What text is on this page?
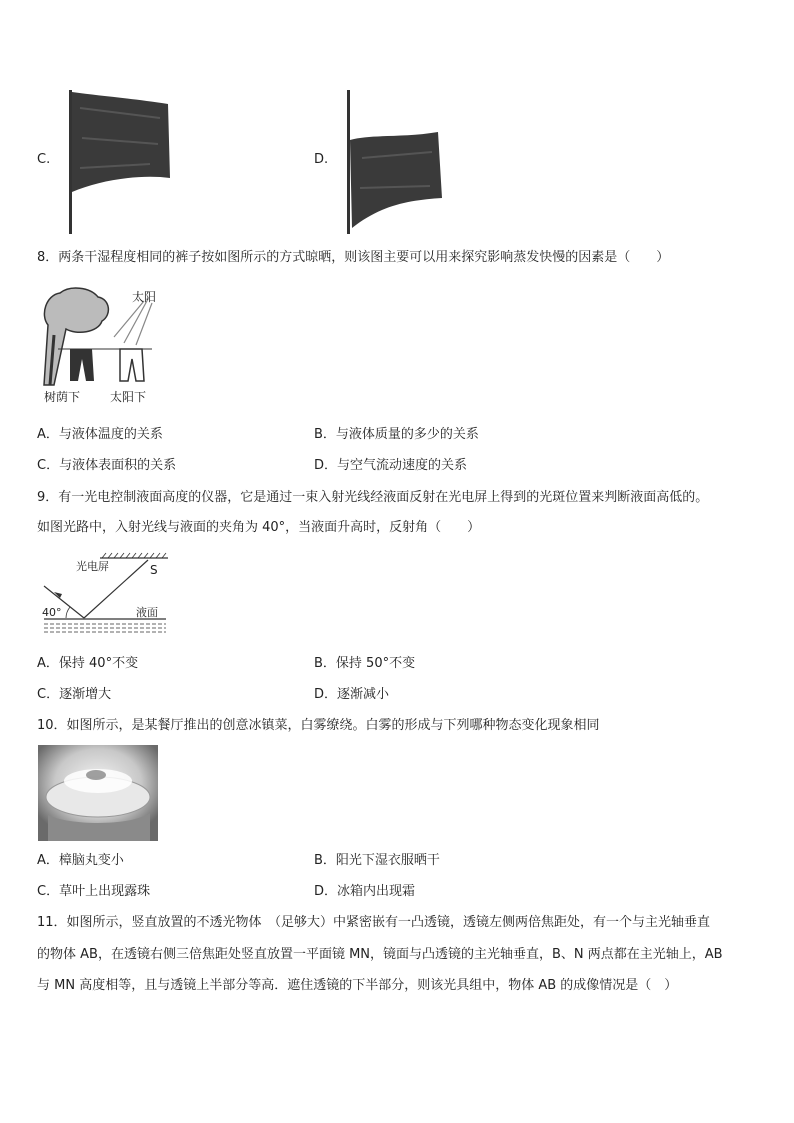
C.	D.
8．两条干湿程度相同的裤子按如图所示的方式晾晒，则该图主要可以用来探究影响蒸发快慢的因素是（　　）
太阳
树荫下 太阳下
A．与液体温度的关系	B．与液体质量的多少的关系
C．与液体表面积的关系	D．与空气流动速度的关系
9．有一光电控制液面高度的仪器，它是通过一束入射光线经液面反射在光电屏上得到的光斑位置来判断液面高低的。
如图光路中，入射光线与液面的夹角为 40°，当液面升高时，反射角（　　）
光电屏	S
40°	液面
A．保持 40°不变	B．保持 50°不变
C．逐渐增大	D．逐渐减小
10．如图所示，是某餐厅推出的创意冰镇菜，白雾缭绕。白雾的形成与下列哪种物态变化现象相同
A．樟脑丸变小	B．阳光下湿衣服晒干
C．草叶上出现露珠	D．冰箱内出现霜
11．如图所示，竖直放置的不透光物体　（足够大）中紧密嵌有一凸透镜，透镜左侧两倍焦距处，有一个与主光轴垂直
的物体 AB，在透镜右侧三倍焦距处竖直放置一平面镜 MN，镜面与凸透镜的主光轴垂直，B、N 两点都在主光轴上，AB
与 MN 高度相等，且与透镜上半部分等高．遮住透镜的下半部分，则该光具组中，物体 AB 的成像情况是（　）
